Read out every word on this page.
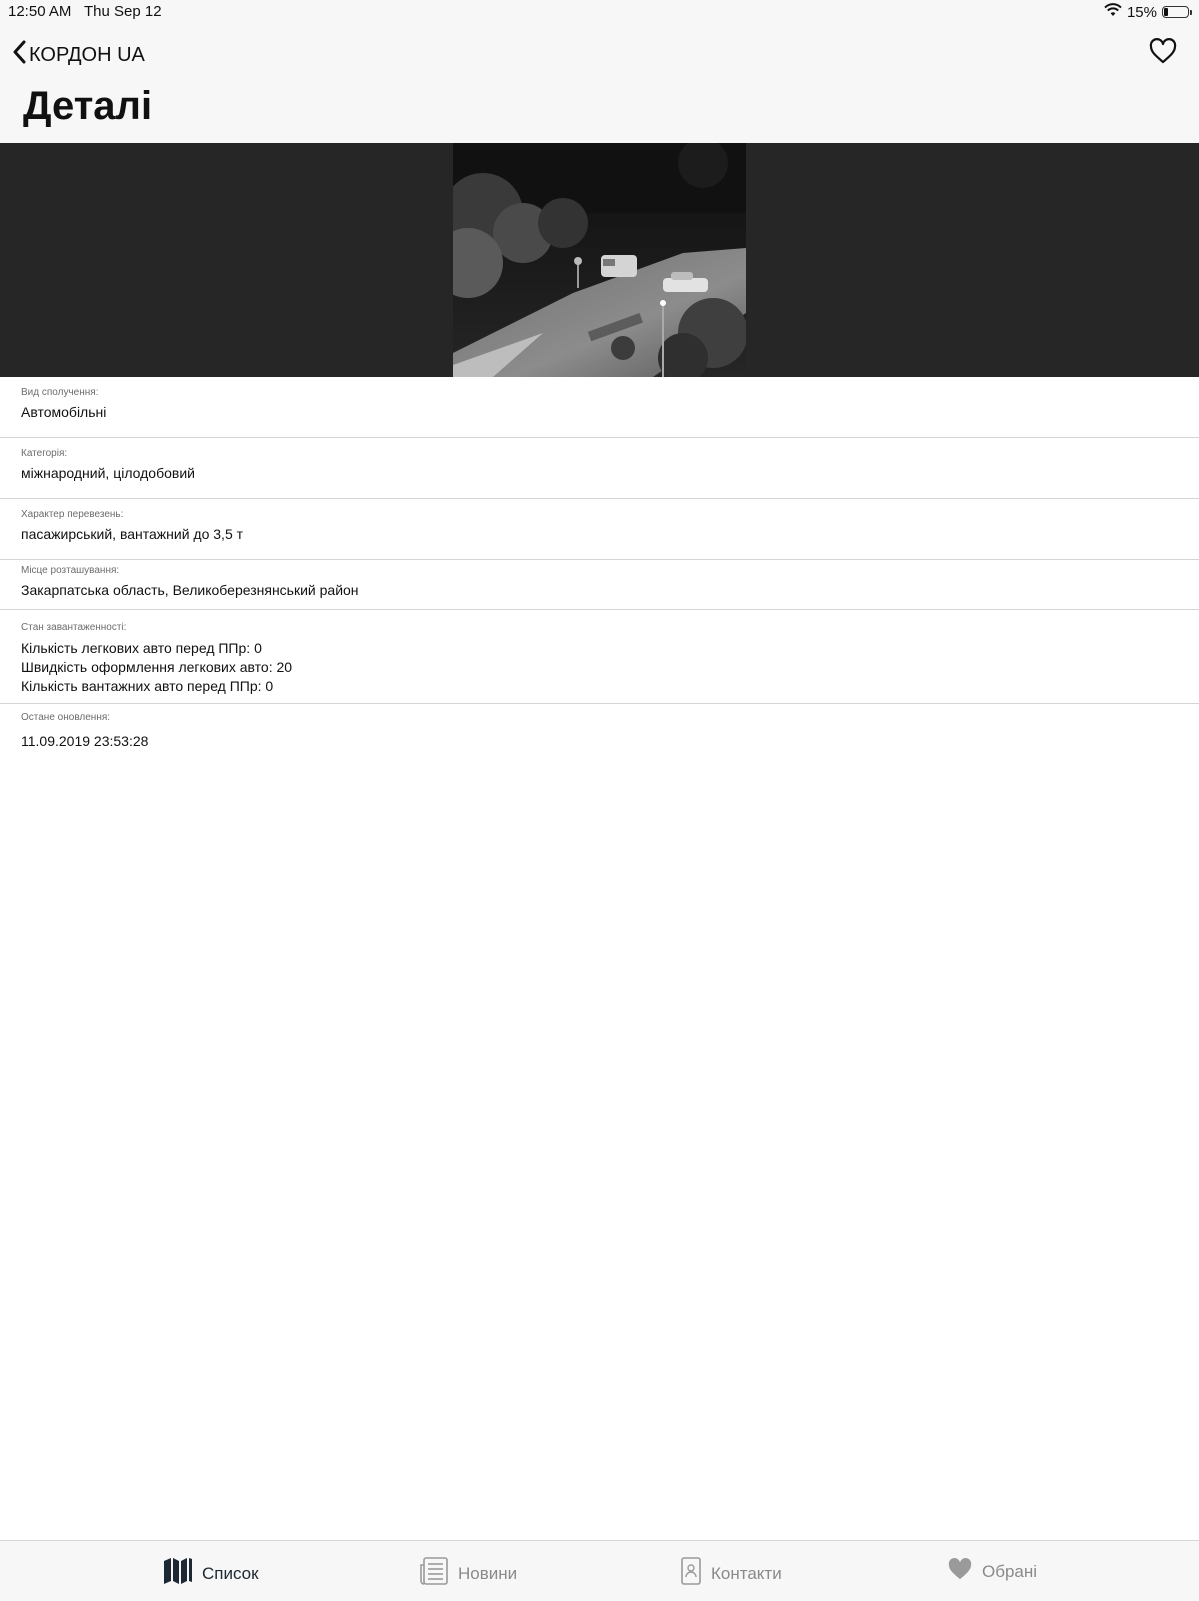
12:50 AM Thu Sep 12	15%
КОРДОН UA
Деталі
Вид сполучення:
Автомобільні
Категорія:
міжнародний, цілодобовий
Характер перевезень:
пасажирський, вантажний до 3,5 т
Місце розташування:
Закарпатська область, Великоберезнянський район
Стан завантаженності:
Кількість легкових авто перед ППр: 0
Швидкість оформлення легкових авто: 20
Кількість вантажних авто перед ППр: 0
Остане оновлення:
11.09.2019 23:53:28
Список	Новини	Контакти	Обрані
